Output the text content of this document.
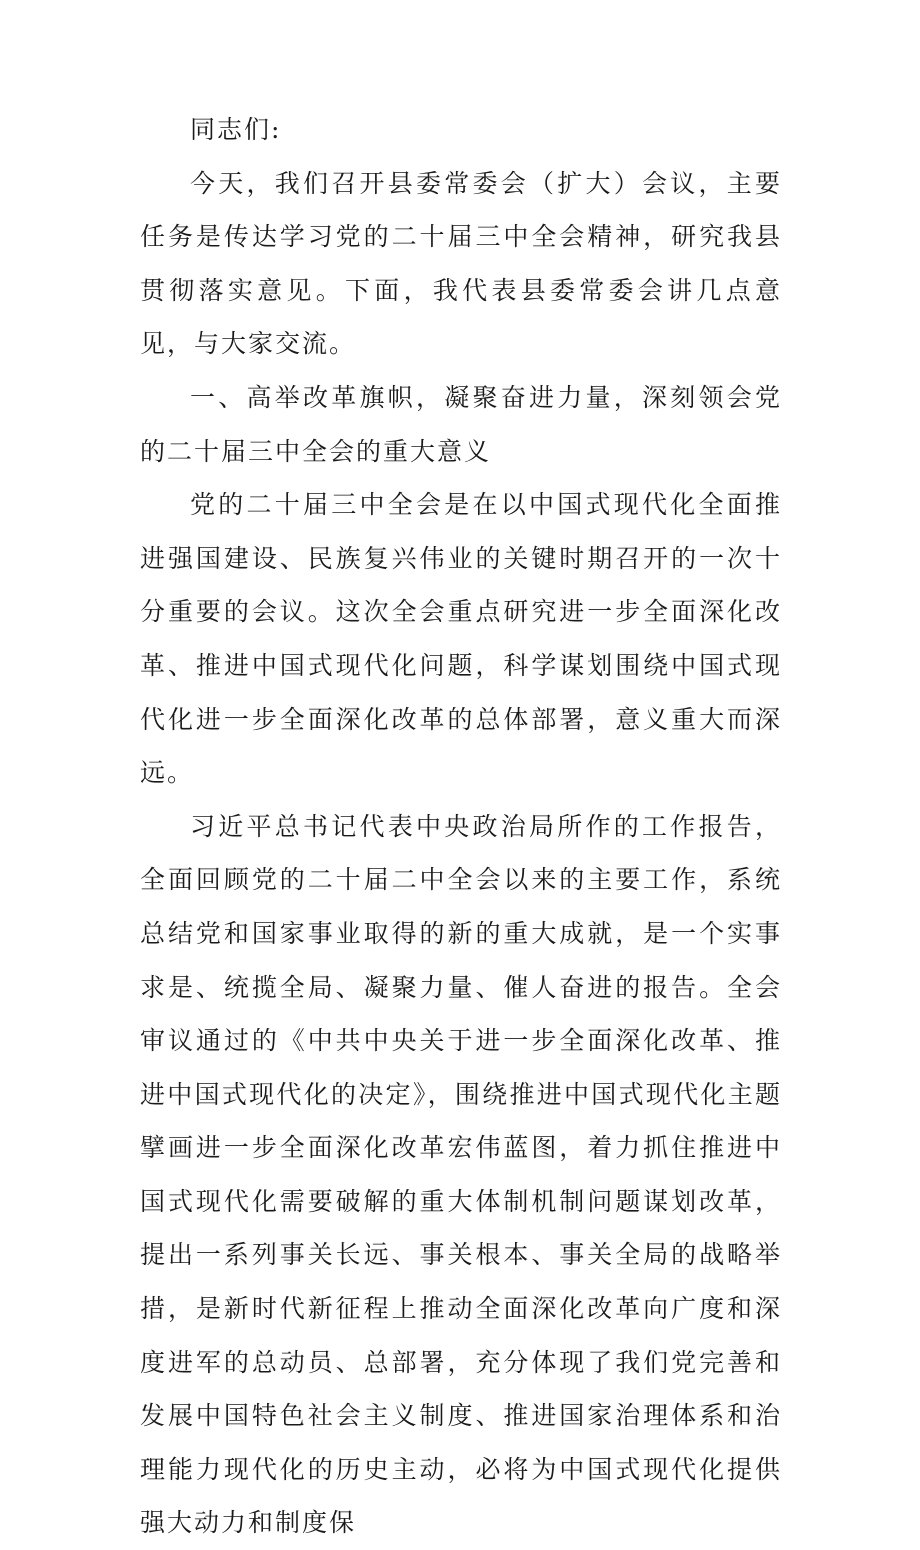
同志们:

今天，我们召开县委常委会（扩大）会议，主要任务是传达学习党的二十届三中全会精神，研究我县贯彻落实意见。下面，我代表县委常委会讲几点意见，与大家交流。

一、高举改革旗帜，凝聚奋进力量，深刻领会党的二十届三中全会的重大意义

党的二十届三中全会是在以中国式现代化全面推进强国建设、民族复兴伟业的关键时期召开的一次十分重要的会议。这次全会重点研究进一步全面深化改革、推进中国式现代化问题，科学谋划围绕中国式现代化进一步全面深化改革的总体部署，意义重大而深远。

习近平总书记代表中央政治局所作的工作报告，全面回顾党的二十届二中全会以来的主要工作，系统总结党和国家事业取得的新的重大成就，是一个实事求是、统揽全局、凝聚力量、催人奋进的报告。全会审议通过的《中共中央关于进一步全面深化改革、推进中国式现代化的决定》，围绕推进中国式现代化主题擘画进一步全面深化改革宏伟蓝图，着力抓住推进中国式现代化需要破解的重大体制机制问题谋划改革，提出一系列事关长远、事关根本、事关全局的战略举措，是新时代新征程上推动全面深化改革向广度和深度进军的总动员、总部署，充分体现了我们党完善和发展中国特色社会主义制度、推进国家治理体系和治理能力现代化的历史主动，必将为中国式现代化提供强大动力和制度保
